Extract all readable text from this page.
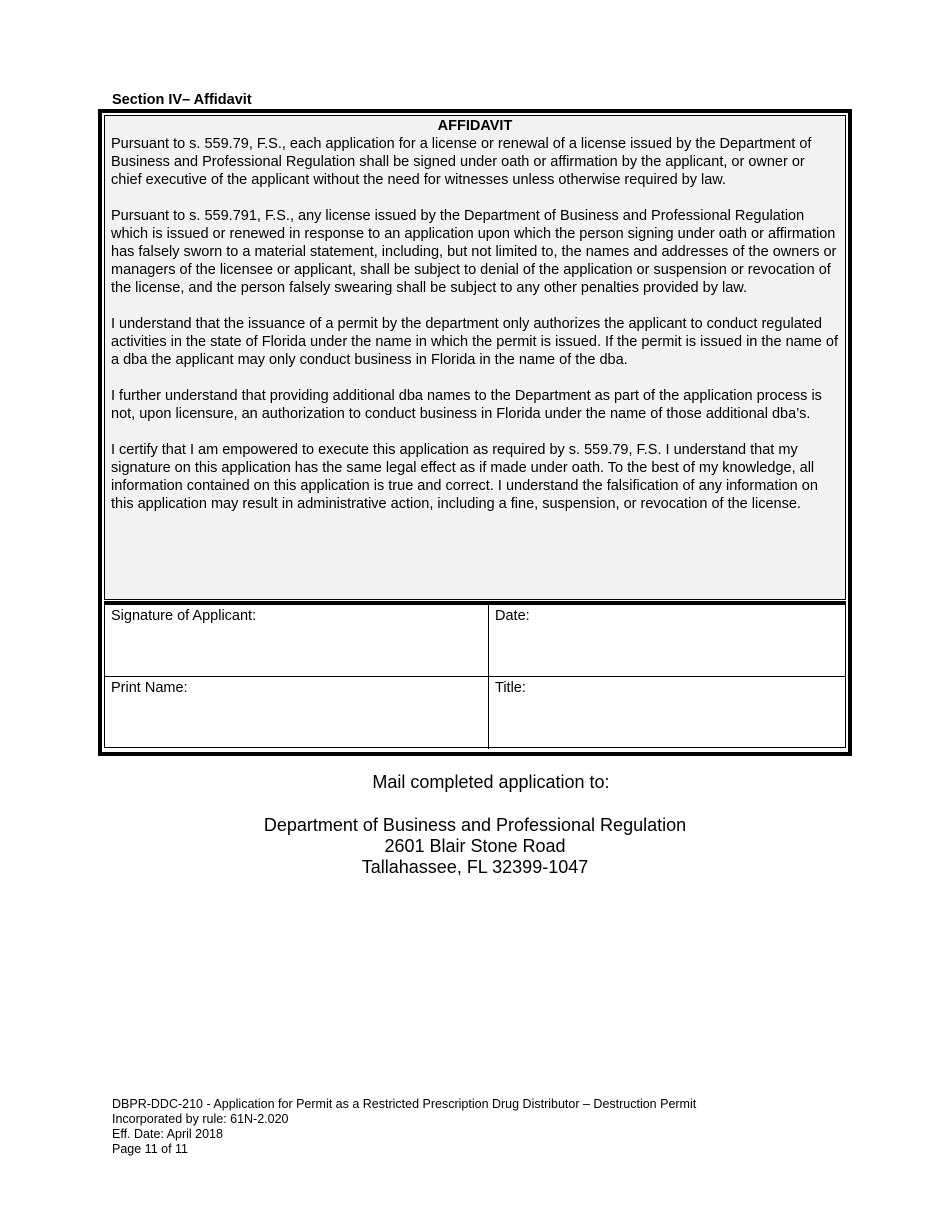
Section IV– Affidavit
AFFIDAVIT

Pursuant to s. 559.79, F.S., each application for a license or renewal of a license issued by the Department of Business and Professional Regulation shall be signed under oath or affirmation by the applicant, or owner or chief executive of the applicant without the need for witnesses unless otherwise required by law.

Pursuant to s. 559.791, F.S., any license issued by the Department of Business and Professional Regulation which is issued or renewed in response to an application upon which the person signing under oath or affirmation has falsely sworn to a material statement, including, but not limited to, the names and addresses of the owners or managers of the licensee or applicant, shall be subject to denial of the application or suspension or revocation of the license, and the person falsely swearing shall be subject to any other penalties provided by law.

I understand that the issuance of a permit by the department only authorizes the applicant to conduct regulated activities in the state of Florida under the name in which the permit is issued. If the permit is issued in the name of a dba the applicant may only conduct business in Florida in the name of the dba.

I further understand that providing additional dba names to the Department as part of the application process is not, upon licensure, an authorization to conduct business in Florida under the name of those additional dba’s.

I certify that I am empowered to execute this application as required by s. 559.79, F.S. I understand that my signature on this application has the same legal effect as if made under oath. To the best of my knowledge, all information contained on this application is true and correct. I understand the falsification of any information on this application may result in administrative action, including a fine, suspension, or revocation of the license.

Signature of Applicant:	Date:
Print Name:	Title:
Mail completed application to:
Department of Business and Professional Regulation
2601 Blair Stone Road
Tallahassee, FL 32399-1047
DBPR-DDC-210 - Application for Permit as a Restricted Prescription Drug Distributor – Destruction Permit
Incorporated by rule: 61N-2.020
Eff. Date: April 2018
Page 11 of 11
